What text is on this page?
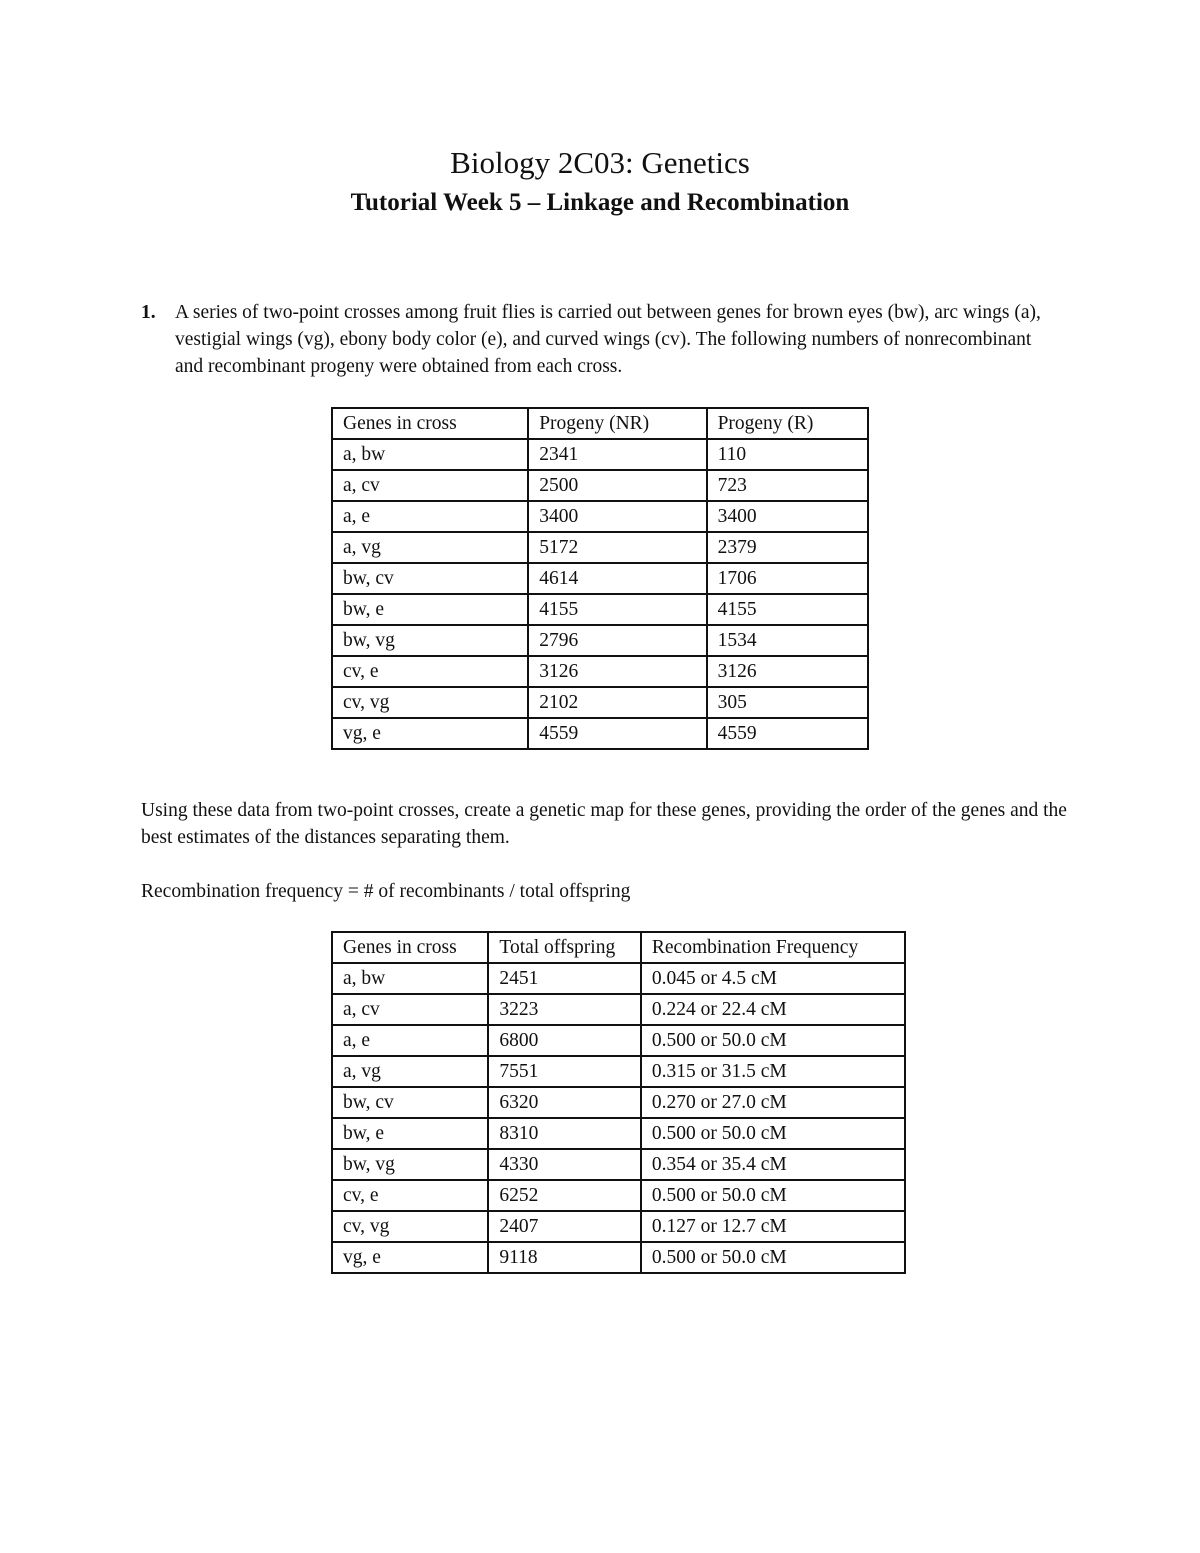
Biology 2C03: Genetics
Tutorial Week 5 – Linkage and Recombination
1. A series of two-point crosses among fruit flies is carried out between genes for brown eyes (bw), arc wings (a), vestigial wings (vg), ebony body color (e), and curved wings (cv). The following numbers of nonrecombinant and recombinant progeny were obtained from each cross.
Genes in cross	Progeny (NR)	Progeny (R)
a, bw	2341	110
a, cv	2500	723
a, e	3400	3400
a, vg	5172	2379
bw, cv	4614	1706
bw, e	4155	4155
bw, vg	2796	1534
cv, e	3126	3126
cv, vg	2102	305
vg, e	4559	4559
Using these data from two-point crosses, create a genetic map for these genes, providing the order of the genes and the best estimates of the distances separating them.
Recombination frequency = # of recombinants / total offspring
Genes in cross	Total offspring	Recombination Frequency
a, bw	2451	0.045 or 4.5 cM
a, cv	3223	0.224 or 22.4 cM
a, e	6800	0.500 or 50.0 cM
a, vg	7551	0.315 or 31.5 cM
bw, cv	6320	0.270 or 27.0 cM
bw, e	8310	0.500 or 50.0 cM
bw, vg	4330	0.354 or 35.4 cM
cv, e	6252	0.500 or 50.0 cM
cv, vg	2407	0.127 or 12.7 cM
vg, e	9118	0.500 or 50.0 cM
